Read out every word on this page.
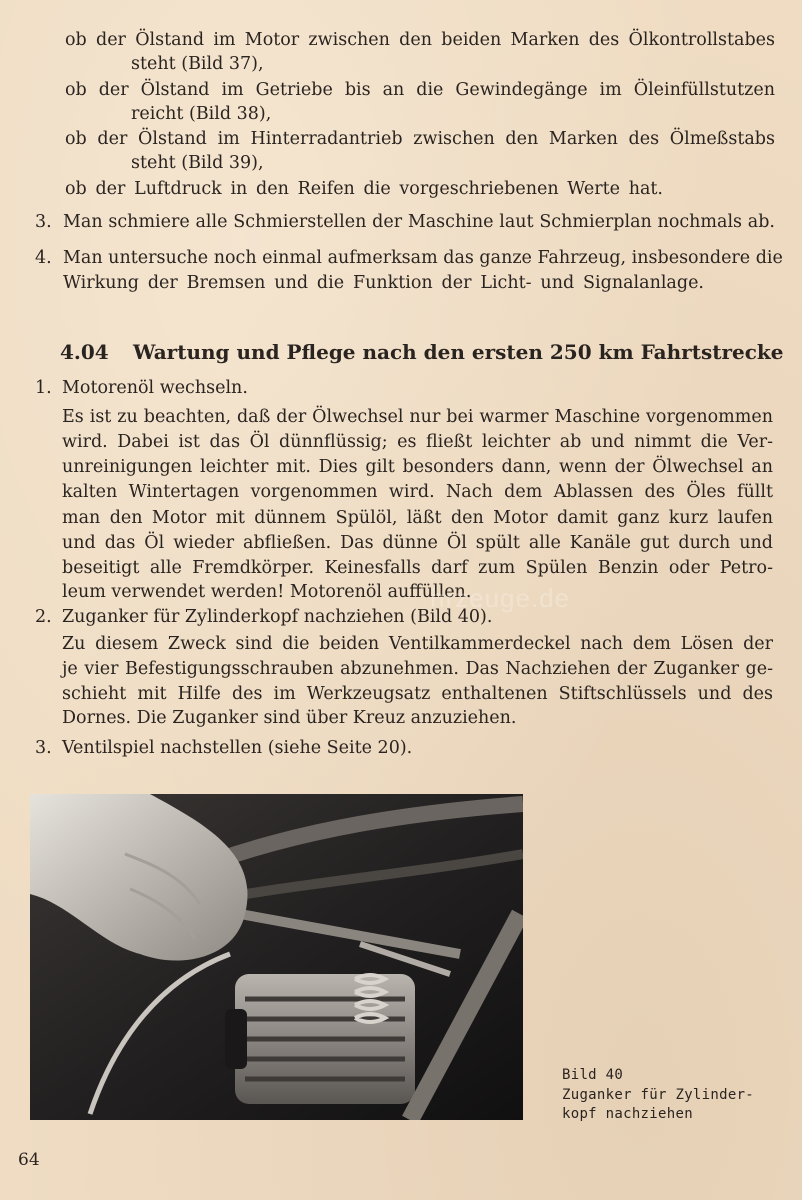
ob der Ölstand im Motor zwischen den beiden Marken des Ölkontrollstabes
steht (Bild 37),
ob der Ölstand im Getriebe bis an die Gewindegänge im Öleinfüllstutzen
reicht (Bild 38),
ob der Ölstand im Hinterradantrieb zwischen den Marken des Ölmeßstabs
steht (Bild 39),
ob der Luftdruck in den Reifen die vorgeschriebenen Werte hat.
3. Man schmiere alle Schmierstellen der Maschine laut Schmierplan nochmals ab.
4. Man untersuche noch einmal aufmerksam das ganze Fahrzeug, insbesondere die
Wirkung der Bremsen und die Funktion der Licht- und Signalanlage.
4.04 Wartung und Pflege nach den ersten 250 km Fahrtstrecke
1. Motorenöl wechseln.
Es ist zu beachten, daß der Ölwechsel nur bei warmer Maschine vorgenommen
wird. Dabei ist das Öl dünnflüssig; es fließt leichter ab und nimmt die Ver-
unreinigungen leichter mit. Dies gilt besonders dann, wenn der Ölwechsel an
kalten Wintertagen vorgenommen wird. Nach dem Ablassen des Öles füllt
man den Motor mit dünnem Spülöl, läßt den Motor damit ganz kurz laufen
und das Öl wieder abfließen. Das dünne Öl spült alle Kanäle gut durch und
beseitigt alle Fremdkörper. Keinesfalls darf zum Spülen Benzin oder Petro-
leum verwendet werden! Motorenöl auffüllen.
2. Zuganker für Zylinderkopf nachziehen (Bild 40).
Zu diesem Zweck sind die beiden Ventilkammerdeckel nach dem Lösen der
je vier Befestigungsschrauben abzunehmen. Das Nachziehen der Zuganker ge-
schieht mit Hilfe des im Werkzeugsatz enthaltenen Stiftschlüssels und des
Dornes. Die Zuganker sind über Kreuz anzuziehen.
3. Ventilspiel nachstellen (siehe Seite 20).
hrzeuge.de
Bild 40
Zuganker für Zylinder-
kopf nachziehen
64
